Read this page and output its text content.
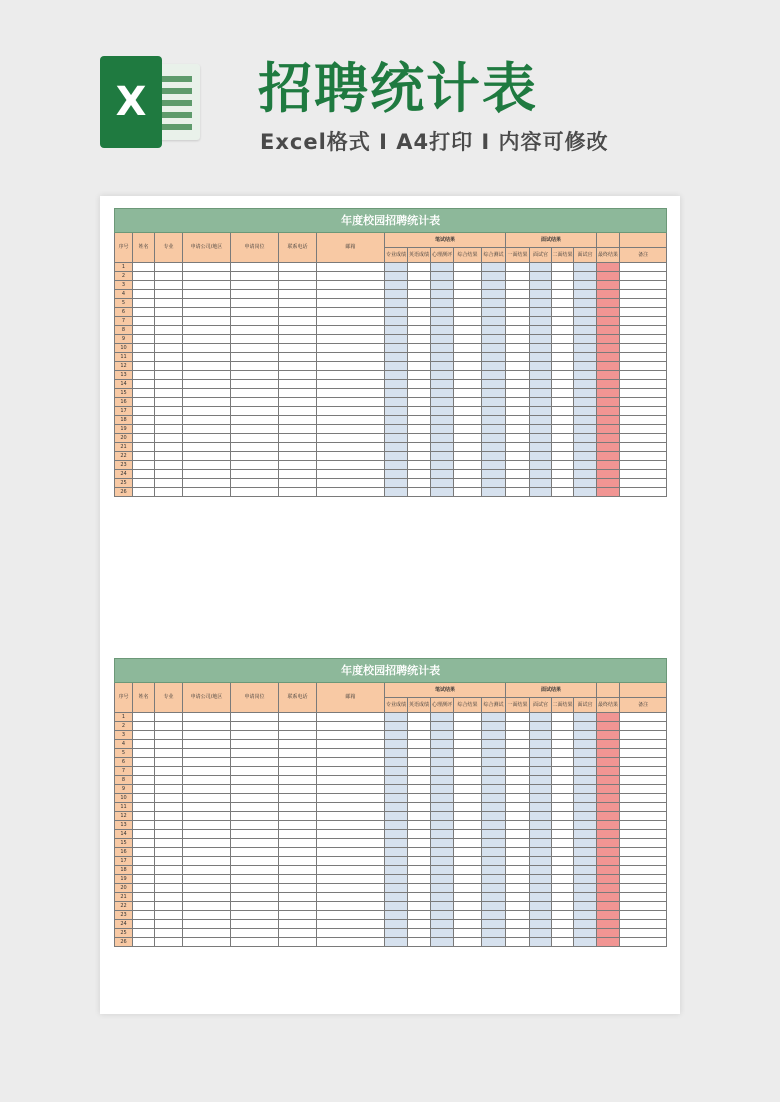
X 招聘统计表
Excel格式 I A4打印 I 内容可修改
年度校园招聘统计表																	
序号	姓名	专业	申请公司/地区	申请岗位	联系电话	邮箱	笔试结果					面试结果					
							专业成绩	英语成绩	心理测评	综合结果	综合测试	一面结果	面试官	二面结果	面试官	最终结果	备注
1																	
2																	
3																	
4																	
5																	
6																	
7																	
8																	
9																	
10																	
11																	
12																	
13																	
14																	
15																	
16																	
17																	
18																	
19																	
20																	
21																	
22																	
23																	
24																	
25																	
26																	
年度校园招聘统计表																	
序号	姓名	专业	申请公司/地区	申请岗位	联系电话	邮箱	笔试结果					面试结果					
							专业成绩	英语成绩	心理测评	综合结果	综合测试	一面结果	面试官	二面结果	面试官	最终结果	备注
1																	
2																	
3																	
4																	
5																	
6																	
7																	
8																	
9																	
10																	
11																	
12																	
13																	
14																	
15																	
16																	
17																	
18																	
19																	
20																	
21																	
22																	
23																	
24																	
25																	
26																	
